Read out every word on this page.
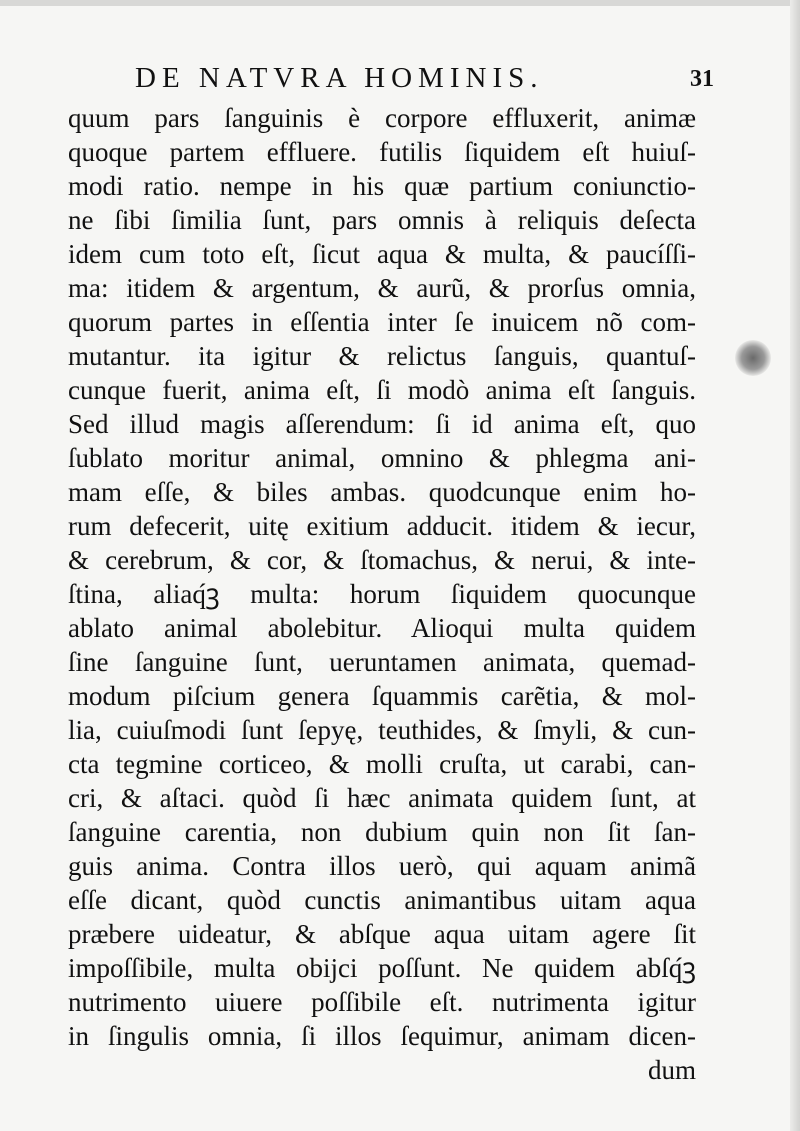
DE NATVRA HOMINIS.	31
quum pars ſanguinis è corpore effluxerit, animæ
quoque partem effluere. futilis ſiquidem eſt huiuſ-
modi ratio. nempe in his quæ partium coniunctio-
ne ſibi ſimilia ſunt, pars omnis à reliquis deſecta
idem cum toto eſt, ſicut aqua & multa, & paucíſſi-
ma: itidem & argentum, & aurũ, & prorſus omnia,
quorum partes in eſſentia inter ſe inuicem nõ com-
mutantur. ita igitur & relictus ſanguis, quantuſ-
cunque fuerit, anima eſt, ſi modò anima eſt ſanguis.
Sed illud magis aſſerendum: ſi id anima eſt, quo
ſublato moritur animal, omnino & phlegma ani-
mam eſſe, & biles ambas. quodcunque enim ho-
rum defecerit, uitę exitium adducit. itidem & iecur,
& cerebrum, & cor, & ſtomachus, & nerui, & inte-
ſtina, aliaq́ꝫ multa: horum ſiquidem quocunque
ablato animal abolebitur. Alioqui multa quidem
ſine ſanguine ſunt, ueruntamen animata, quemad-
modum piſcium genera ſquammis carẽtia, & mol-
lia, cuiuſmodi ſunt ſepyę, teuthides, & ſmyli, & cun-
cta tegmine corticeo, & molli cruſta, ut carabi, can-
cri, & aſtaci. quòd ſi hæc animata quidem ſunt, at
ſanguine carentia, non dubium quin non ſit ſan-
guis anima. Contra illos uerò, qui aquam animã
eſſe dicant, quòd cunctis animantibus uitam aqua
præbere uideatur, & abſque aqua uitam agere ſit
impoſſibile, multa obijci poſſunt. Ne quidem abſq́ꝫ
nutrimento uiuere poſſibile eſt. nutrimenta igitur
in ſingulis omnia, ſi illos ſequimur, animam dicen-
dum
